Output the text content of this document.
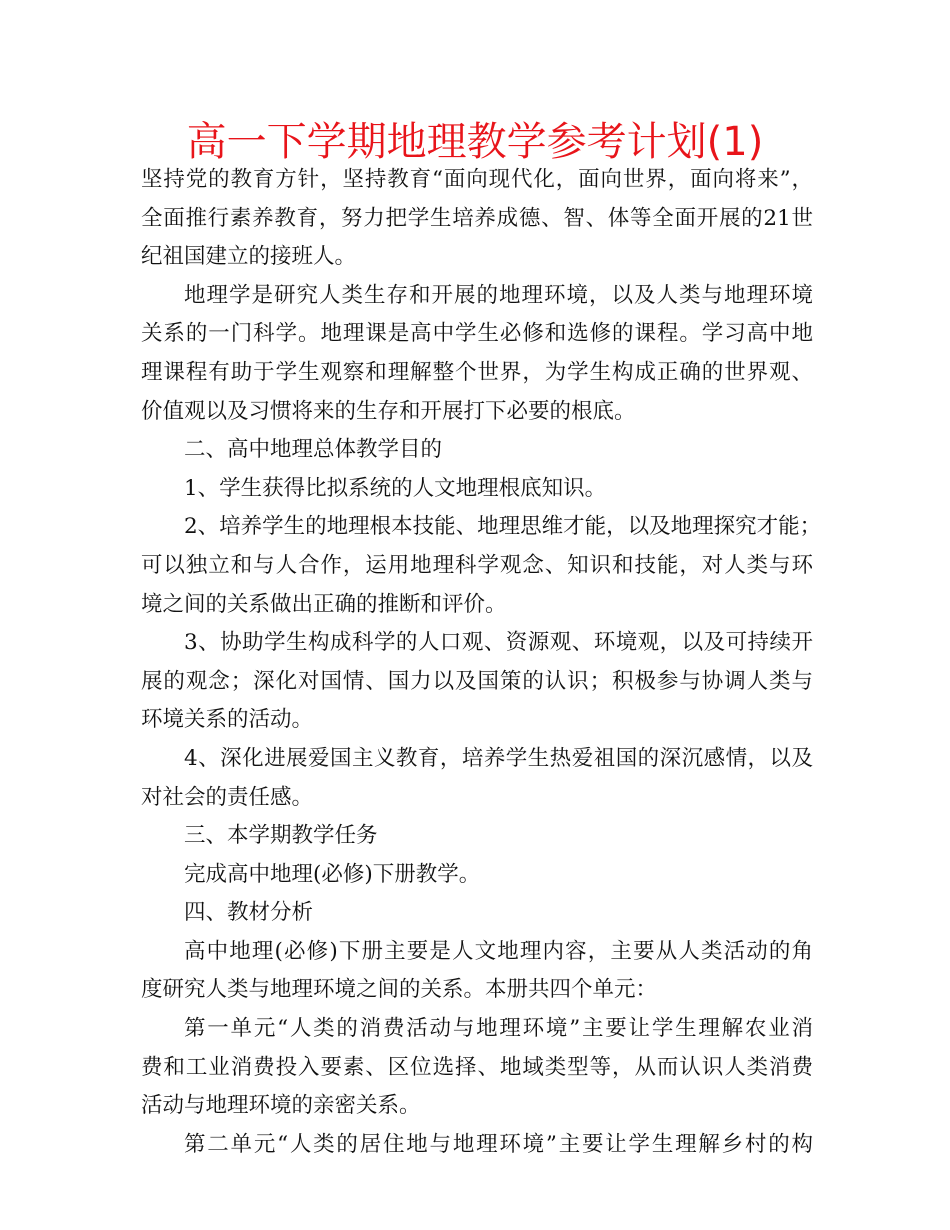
高一下学期地理教学参考计划(1)
坚持党的教育方针，坚持教育“面向现代化，面向世界，面向将来”，
全面推行素养教育，努力把学生培养成德、智、体等全面开展的21世
纪祖国建立的接班人。
地理学是研究人类生存和开展的地理环境，以及人类与地理环境
关系的一门科学。地理课是高中学生必修和选修的课程。学习高中地
理课程有助于学生观察和理解整个世界，为学生构成正确的世界观、
价值观以及习惯将来的生存和开展打下必要的根底。
二、高中地理总体教学目的
1、学生获得比拟系统的人文地理根底知识。
2、培养学生的地理根本技能、地理思维才能，以及地理探究才能；
可以独立和与人合作，运用地理科学观念、知识和技能，对人类与环
境之间的关系做出正确的推断和评价。
3、协助学生构成科学的人口观、资源观、环境观，以及可持续开
展的观念；深化对国情、国力以及国策的认识；积极参与协调人类与
环境关系的活动。
4、深化进展爱国主义教育，培养学生热爱祖国的深沉感情，以及
对社会的责任感。
三、本学期教学任务
完成高中地理(必修)下册教学。
四、教材分析
高中地理(必修)下册主要是人文地理内容，主要从人类活动的角
度研究人类与地理环境之间的关系。本册共四个单元：
第一单元“人类的消费活动与地理环境”主要让学生理解农业消
费和工业消费投入要素、区位选择、地域类型等，从而认识人类消费
活动与地理环境的亲密关系。
第二单元“人类的居住地与地理环境”主要让学生理解乡村的构
